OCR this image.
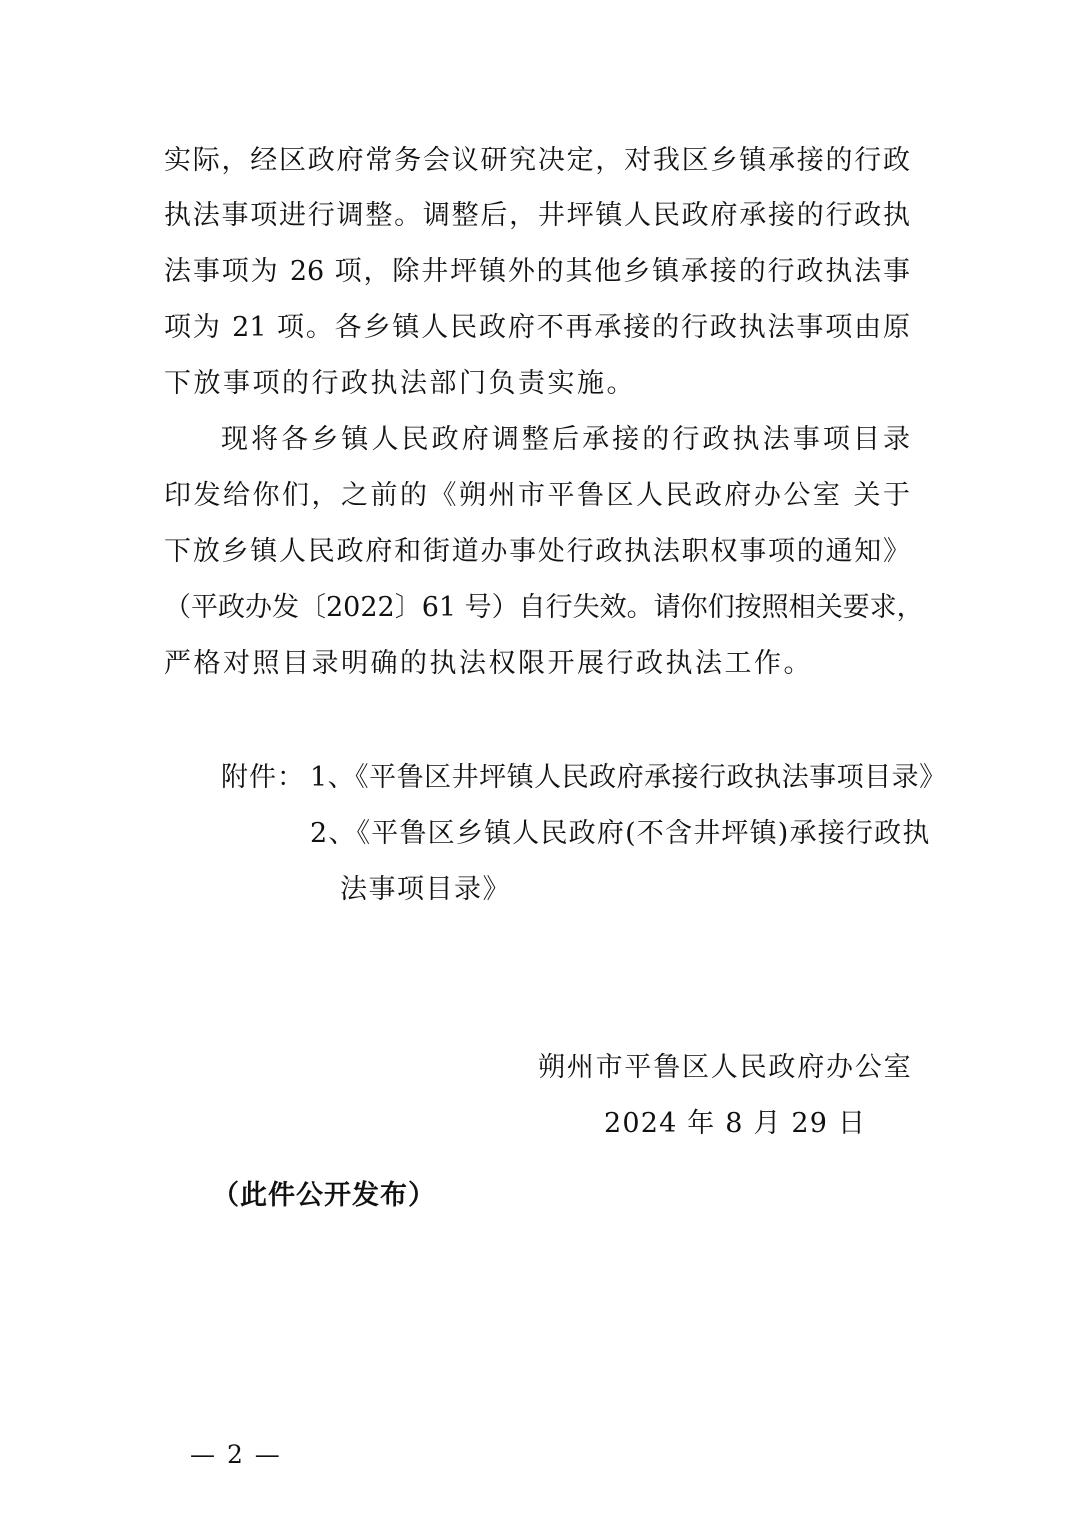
实际，经区政府常务会议研究决定，对我区乡镇承接的行政
执法事项进行调整。调整后，井坪镇人民政府承接的行政执
法事项为 26 项，除井坪镇外的其他乡镇承接的行政执法事
项为 21 项。各乡镇人民政府不再承接的行政执法事项由原
下放事项的行政执法部门负责实施。
现将各乡镇人民政府调整后承接的行政执法事项目录
印发给你们，之前的《朔州市平鲁区人民政府办公室 关于
下放乡镇人民政府和街道办事处行政执法职权事项的通知》
（平政办发〔2022〕61 号）自行失效。请你们按照相关要求，
严格对照目录明确的执法权限开展行政执法工作。
附件： 1、《平鲁区井坪镇人民政府承接行政执法事项目录》
2、《平鲁区乡镇人民政府(不含井坪镇)承接行政执
法事项目录》
朔州市平鲁区人民政府办公室
2024 年 8 月 29 日
（此件公开发布）
— 2 —
